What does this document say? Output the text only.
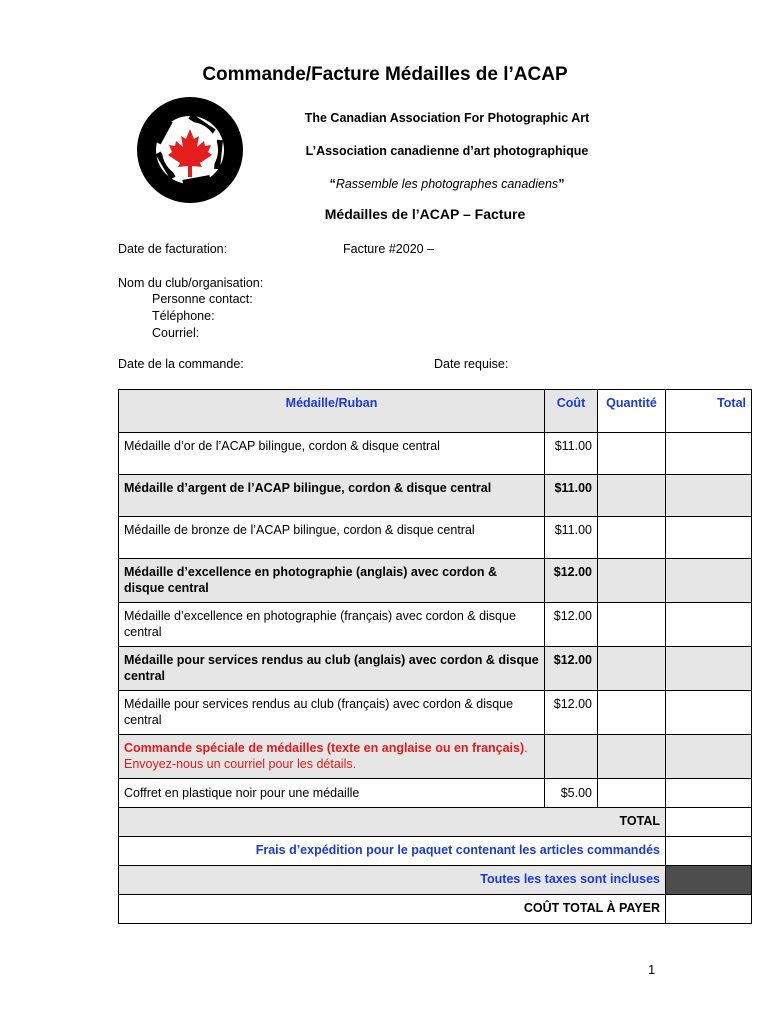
Commande/Facture Médailles de l’ACAP
The Canadian Association For Photographic Art
L’Association canadienne d’art photographique
“Rassemble les photographes canadiens”
Médailles de l’ACAP – Facture
Date de facturation:	Facture #2020 –
Nom du club/organisation:
Personne contact:
Téléphone:
Courriel:
Date de la commande:	Date requise:
Médaille/Ruban	Coût	Quantité	Total
Médaille d’or de l’ACAP bilingue, cordon & disque central	$11.00		
Médaille d’argent de l’ACAP bilingue, cordon & disque central	$11.00		
Médaille de bronze de l’ACAP bilingue, cordon & disque central	$11.00		
Médaille d’excellence en photographie (anglais) avec cordon & disque central	$12.00		
Médaille d’excellence en photographie (français) avec cordon & disque central	$12.00		
Médaille pour services rendus au club (anglais) avec cordon & disque central	$12.00		
Médaille pour services rendus au club (français) avec cordon & disque central	$12.00		
Commande spéciale de médailles (texte en anglaise ou en français). Envoyez-nous un courriel pour les détails.			
Coffret en plastique noir pour une médaille	$5.00		
TOTAL			
Frais d’expédition pour le paquet contenant les articles commandés			
Toutes les taxes sont incluses			
COÛT TOTAL À PAYER			
1
